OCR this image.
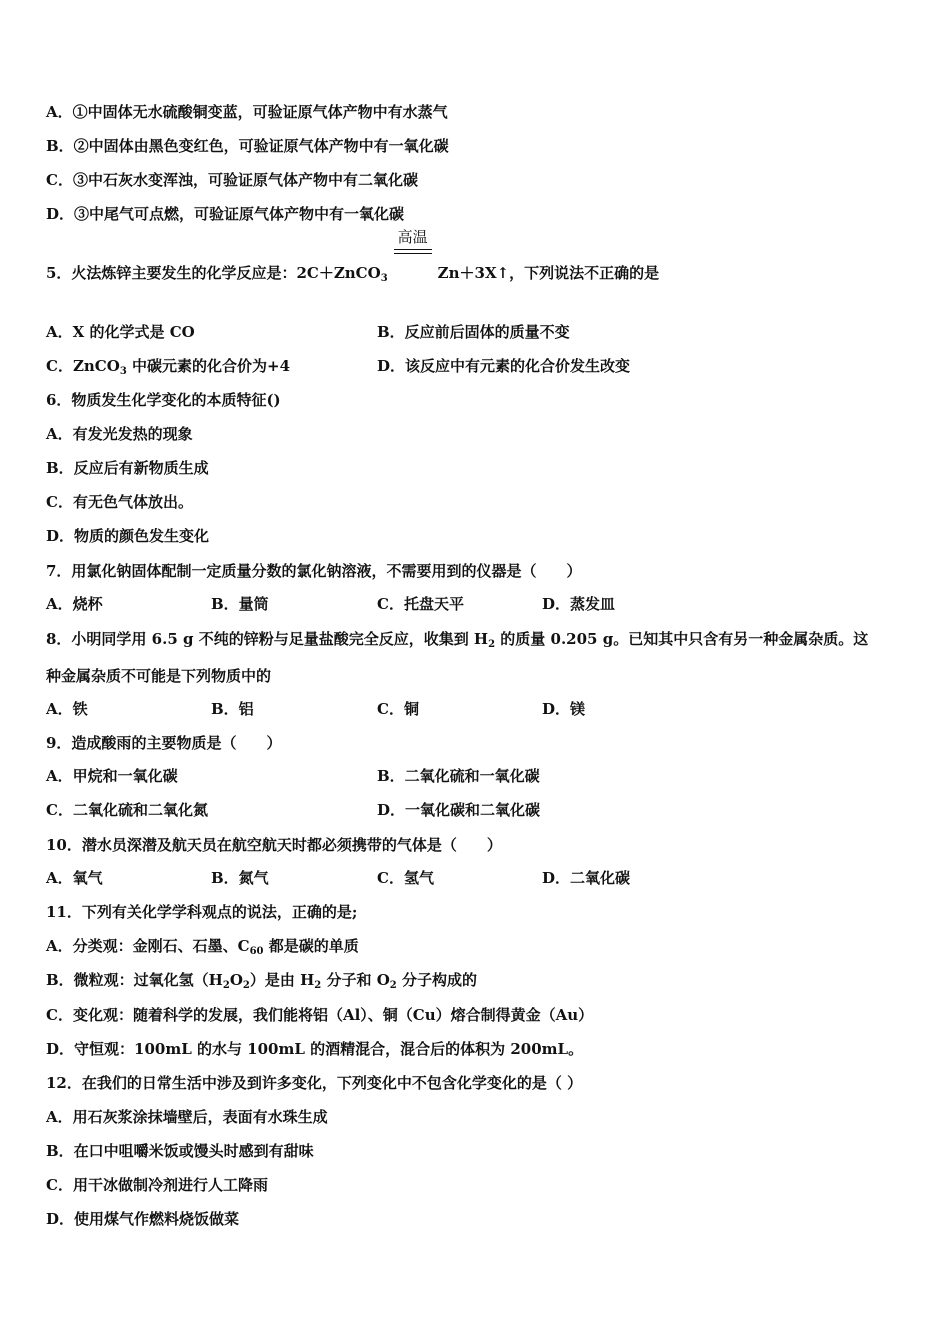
A．①中固体无水硫酸铜变蓝，可验证原气体产物中有水蒸气
B．②中固体由黑色变红色，可验证原气体产物中有一氧化碳
C．③中石灰水变浑浊，可验证原气体产物中有二氧化碳
D．③中尾气可点燃，可验证原气体产物中有一氧化碳
5．火法炼锌主要发生的化学反应是：2C＋ZnCO$_3$
高温
Zn＋3X↑，下列说法不正确的是
A．X 的化学式是 CO	B．反应前后固体的质量不变
C．ZnCO$_3$ 中碳元素的化合价为+4	D．该反应中有元素的化合价发生改变
6．物质发生化学变化的本质特征()
A．有发光发热的现象
B．反应后有新物质生成
C．有无色气体放出。
D．物质的颜色发生变化
7．用氯化钠固体配制一定质量分数的氯化钠溶液，不需要用到的仪器是（　　）
A．烧杯	B．量筒	C．托盘天平	D．蒸发皿
8．小明同学用 6.5 g 不纯的锌粉与足量盐酸完全反应，收集到 $H_2$ 的质量 0.205 g。已知其中只含有另一种金属杂质。这
种金属杂质不可能是下列物质中的
A．铁	B．铝	C．铜	D．镁
9．造成酸雨的主要物质是（　　）
A．甲烷和一氧化碳	B．二氧化硫和一氧化碳
C．二氧化硫和二氧化氮	D．一氧化碳和二氧化碳
10．潜水员深潜及航天员在航空航天时都必须携带的气体是（　　）
A．氧气	B．氮气	C．氢气	D．二氧化碳
11．下列有关化学学科观点的说法，正确的是;
A．分类观：金刚石、石墨、$C_{60}$ 都是碳的单质
B．微粒观：过氧化氢$(H_2O_2)$是由 $H_2$ 分子和 $O_2$ 分子构成的
C．变化观：随着科学的发展，我们能将铝（Al）、铜（Cu）熔合制得黄金（Au）
D．守恒观：100mL 的水与 100mL 的酒精混合，混合后的体积为 200mL。
12．在我们的日常生活中涉及到许多变化，下列变化中不包含化学变化的是（ ）
A．用石灰浆涂抹墙壁后，表面有水珠生成
B．在口中咀嚼米饭或馒头时感到有甜味
C．用干冰做制冷剂进行人工降雨
D．使用煤气作燃料烧饭做菜
